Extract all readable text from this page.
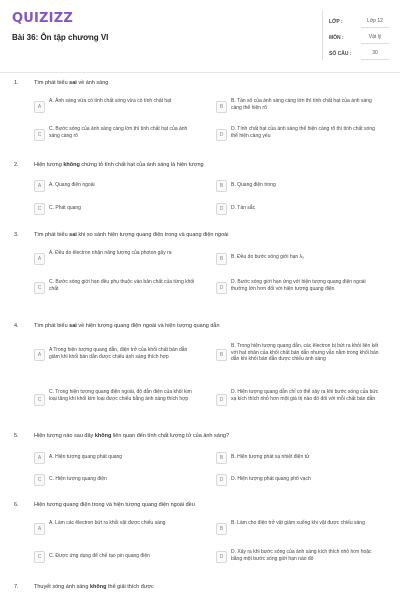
QUIZIZZ
Bài 36: Ôn tập chương VI
LỚP :	Lớp 12
MÔN :	Vật lý
SỐ CÂU :	30
1.	Tìm phát biểu sai về ánh sáng
A
A. Ánh sáng vừa có tính chất sóng vừa có tính chất hạt
B
B. Tần số của ánh sáng càng lớn thì tính chất hạt của ánh sáng càng thể hiện rõ
C
C. Bước sóng của ánh sáng càng lớn thì tính chất hạt của ánh sáng càng rõ	D
D. Tính chất hạt của ánh sáng thể hiện càng rõ thì tính chất sóng thể hiện càng yếu
2.	Hiện tượng không chứng tỏ tính chất hạt của ánh sáng là hiện tượng
A	A. Quang điện ngoài	B	B. Quang điện trong
C	C. Phát quang	D	D. Tán sắc
3.	Tìm phát biểu sai khi so sánh hiện tượng quang điện trong và quang điện ngoài
A
A. Đều do êlectron nhận năng lượng của photon gây ra
B	B. Đều do bước sóng giới hạn λ₀
C
C. Bước sóng giới hạn đều phụ thuộc vào bản chất của từng khối chất	D
D. Bước sóng giới hạn ứng với hiện tượng quang điện ngoài thường lớn hơn đối với hiện tượng quang điện
4.	Tìm phát biểu sai về hiện tượng quang điện ngoài và hiện tượng quang dẫn
A
A Trong hiện tượng quang dẫn, điện trở của khối chất bán dẫn giảm khi khối bán dẫn được chiếu ánh sáng thích hợp	B
B. Trong hiện tượng quang dẫn, các êlectron bị bứt ra khỏi liên kết với hạt nhân của khối chất bán dẫn nhưng vẫn nằm trong khối bán dẫn khi khối bán dẫn được chiếu ánh sáng
C
C. Trong hiện tượng quang điện ngoài, độ dẫn điện của khối kim loại tăng khi khối kim loại được chiếu bằng ánh sáng thích hợp	D
D. Hiện tượng quang dẫn chỉ có thể xảy ra khi bước sóng của bức xạ kích thích nhỏ hơn một giá trị nào đó đối với mỗi chất bán dẫn
5.	Hiện tượng nào sau đây không liên quan đến tính chất lượng tử của ánh sáng?
A	A. Hiện tượng quang phát quang	B	B. Hiện tượng phát xạ nhiệt điện tử
C	C. Hiện tượng quang điện	D	D. Hiện tượng phát quang phổ vạch
6.	Hiện tượng quang điện trong và hiện tượng quang điện ngoài đều
A
A. Làm các êlectron bứt ra khỏi vật được chiếu sáng
B
B. Làm cho điện trở vật giảm xuống khi vật được chiếu sáng
C	C. Được ứng dụng để chế tạo pin quang điện	D
D. Xảy ra khi bước sóng của ánh sáng kích thích nhỏ hơn hoặc bằng một bước sóng giới hạn nào đó
7.	Thuyết sóng ánh sáng không thể giải thích được
